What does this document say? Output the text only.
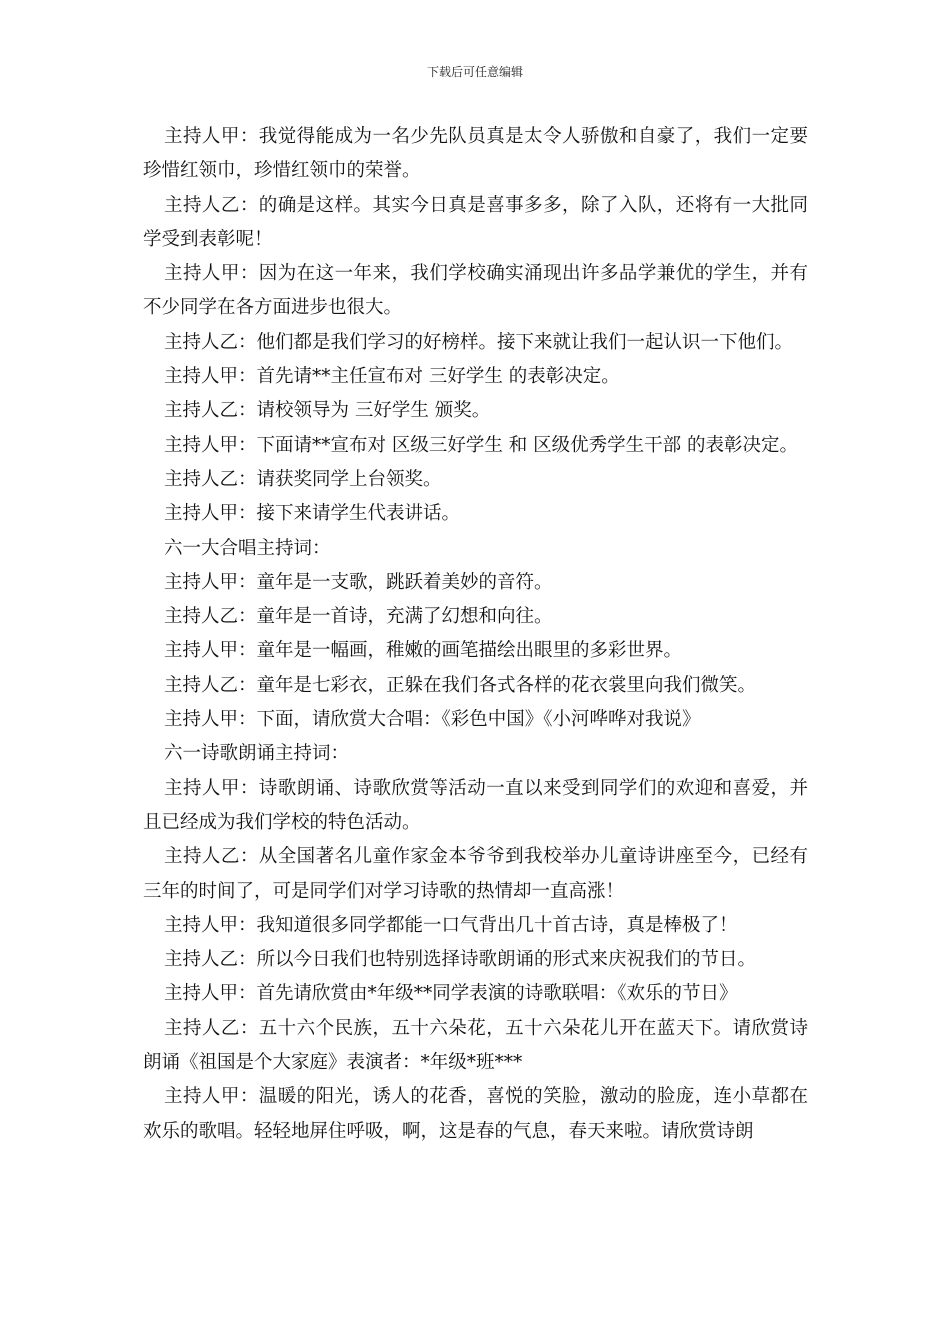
下载后可任意编辑

主持人甲：我觉得能成为一名少先队员真是太令人骄傲和自豪了，我们一定要珍惜红领巾，珍惜红领巾的荣誉。

主持人乙：的确是这样。其实今日真是喜事多多，除了入队，还将有一大批同学受到表彰呢！

主持人甲：因为在这一年来，我们学校确实涌现出许多品学兼优的学生，并有不少同学在各方面进步也很大。

主持人乙：他们都是我们学习的好榜样。接下来就让我们一起认识一下他们。

主持人甲：首先请**主任宣布对 三好学生 的表彰决定。

主持人乙：请校领导为 三好学生 颁奖。

主持人甲：下面请**宣布对 区级三好学生 和 区级优秀学生干部 的表彰决定。

主持人乙：请获奖同学上台领奖。

主持人甲：接下来请学生代表讲话。

六一大合唱主持词：

主持人甲：童年是一支歌，跳跃着美妙的音符。

主持人乙：童年是一首诗，充满了幻想和向往。

主持人甲：童年是一幅画，稚嫩的画笔描绘出眼里的多彩世界。

主持人乙：童年是七彩衣，正躲在我们各式各样的花衣裳里向我们微笑。

主持人甲：下面，请欣赏大合唱：《彩色中国》《小河哗哗对我说》

六一诗歌朗诵主持词：

主持人甲：诗歌朗诵、诗歌欣赏等活动一直以来受到同学们的欢迎和喜爱，并且已经成为我们学校的特色活动。

主持人乙：从全国著名儿童作家金本爷爷到我校举办儿童诗讲座至今，已经有三年的时间了，可是同学们对学习诗歌的热情却一直高涨！

主持人甲：我知道很多同学都能一口气背出几十首古诗，真是棒极了！

主持人乙：所以今日我们也特别选择诗歌朗诵的形式来庆祝我们的节日。

主持人甲：首先请欣赏由*年级**同学表演的诗歌联唱：《欢乐的节日》

主持人乙：五十六个民族，五十六朵花，五十六朵花儿开在蓝天下。请欣赏诗朗诵《祖国是个大家庭》表演者：*年级*班***

主持人甲：温暖的阳光，诱人的花香，喜悦的笑脸，激动的脸庞，连小草都在欢乐的歌唱。轻轻地屏住呼吸，啊，这是春的气息，春天来啦。请欣赏诗朗
